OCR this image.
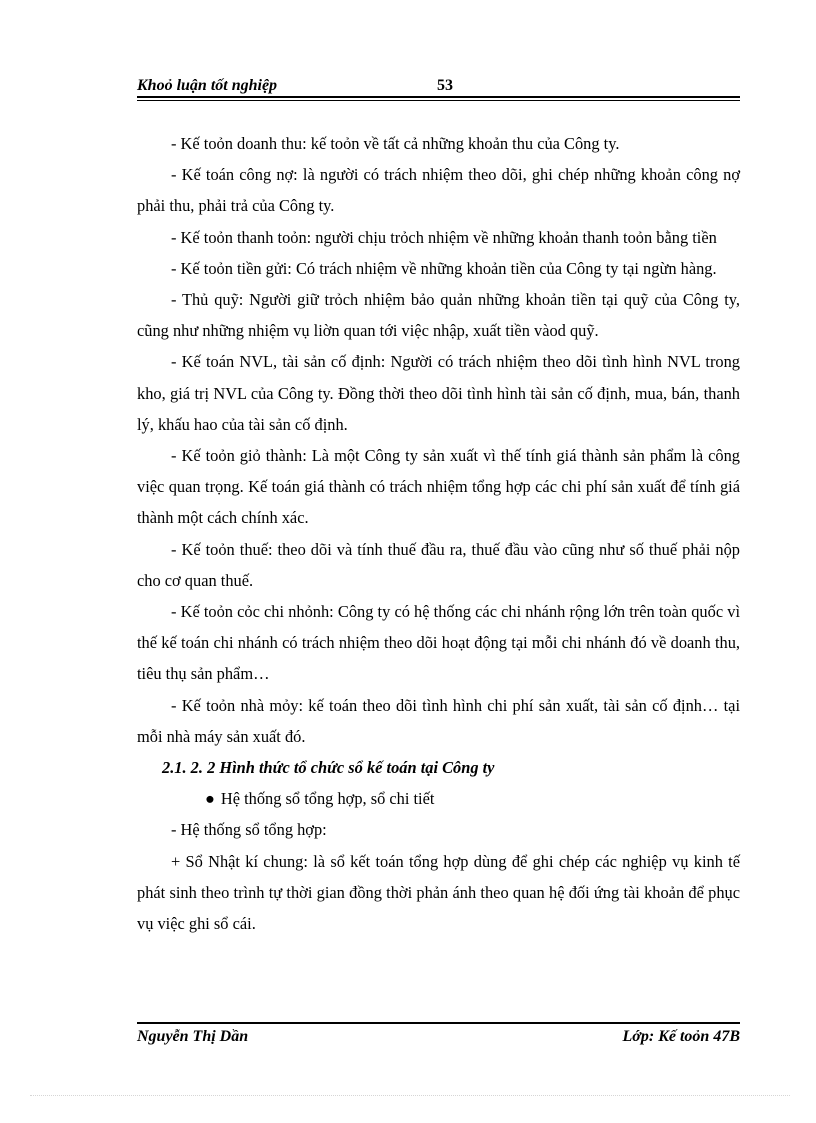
Khoỏ luận tốt nghiệp	53

- Kế toỏn doanh thu: kế toỏn về tất cả những khoản thu của Công ty.

- Kế toán công nợ: là người có trách nhiệm theo dõi, ghi chép những khoản công nợ phải thu, phải trả của Công ty.

- Kế toỏn thanh toỏn: người chịu trỏch nhiệm về những khoản thanh toỏn bằng tiền

- Kế toỏn tiền gửi: Có trách nhiệm về những khoản tiền của Công ty tại ngừn hàng.

- Thủ quỹ: Người giữ trỏch nhiệm bảo quản những khoản tiền tại quỹ của Công ty, cũng như những nhiệm vụ liờn quan tới việc nhập, xuất tiền vàod quỹ.

- Kế toán NVL, tài sản cố định: Người có trách nhiệm theo dõi tình hình NVL trong kho, giá trị NVL của Công ty. Đồng thời theo dõi tình hình tài sản cố định, mua, bán, thanh lý, khấu hao của tài sản cố định.

- Kế toỏn giỏ thành: Là một Công ty sản xuất vì thế tính giá thành sản phẩm là công việc quan trọng. Kế toán giá thành có trách nhiệm tổng hợp các chi phí sản xuất để tính giá thành một cách chính xác.

- Kế toỏn thuế: theo dõi và tính thuế đầu ra, thuế đầu vào cũng như số thuế phải nộp cho cơ quan thuế.

- Kế toỏn cỏc chi nhỏnh: Công ty có hệ thống các chi nhánh rộng lớn trên toàn quốc vì thế kế toán chi nhánh có trách nhiệm theo dõi hoạt động tại mỗi chi nhánh đó về doanh thu, tiêu thụ sản phẩm…

- Kế toỏn nhà mỏy: kế toán theo dõi tình hình chi phí sản xuất, tài sản cố định… tại mỗi nhà máy sản xuất đó.

2.1. 2. 2 Hình thức tổ chức sổ kế toán tại Công ty

● Hệ thống sổ tổng hợp, sổ chi tiết

- Hệ thống sổ tổng hợp:

+ Sổ Nhật kí chung: là sổ kết toán tổng hợp dùng để ghi chép các nghiệp vụ kinh tế phát sinh theo trình tự thời gian đồng thời phản ánh theo quan hệ đối ứng tài khoản để phục vụ việc ghi sổ cái.

Nguyễn Thị Dần	Lớp: Kế toỏn 47B
